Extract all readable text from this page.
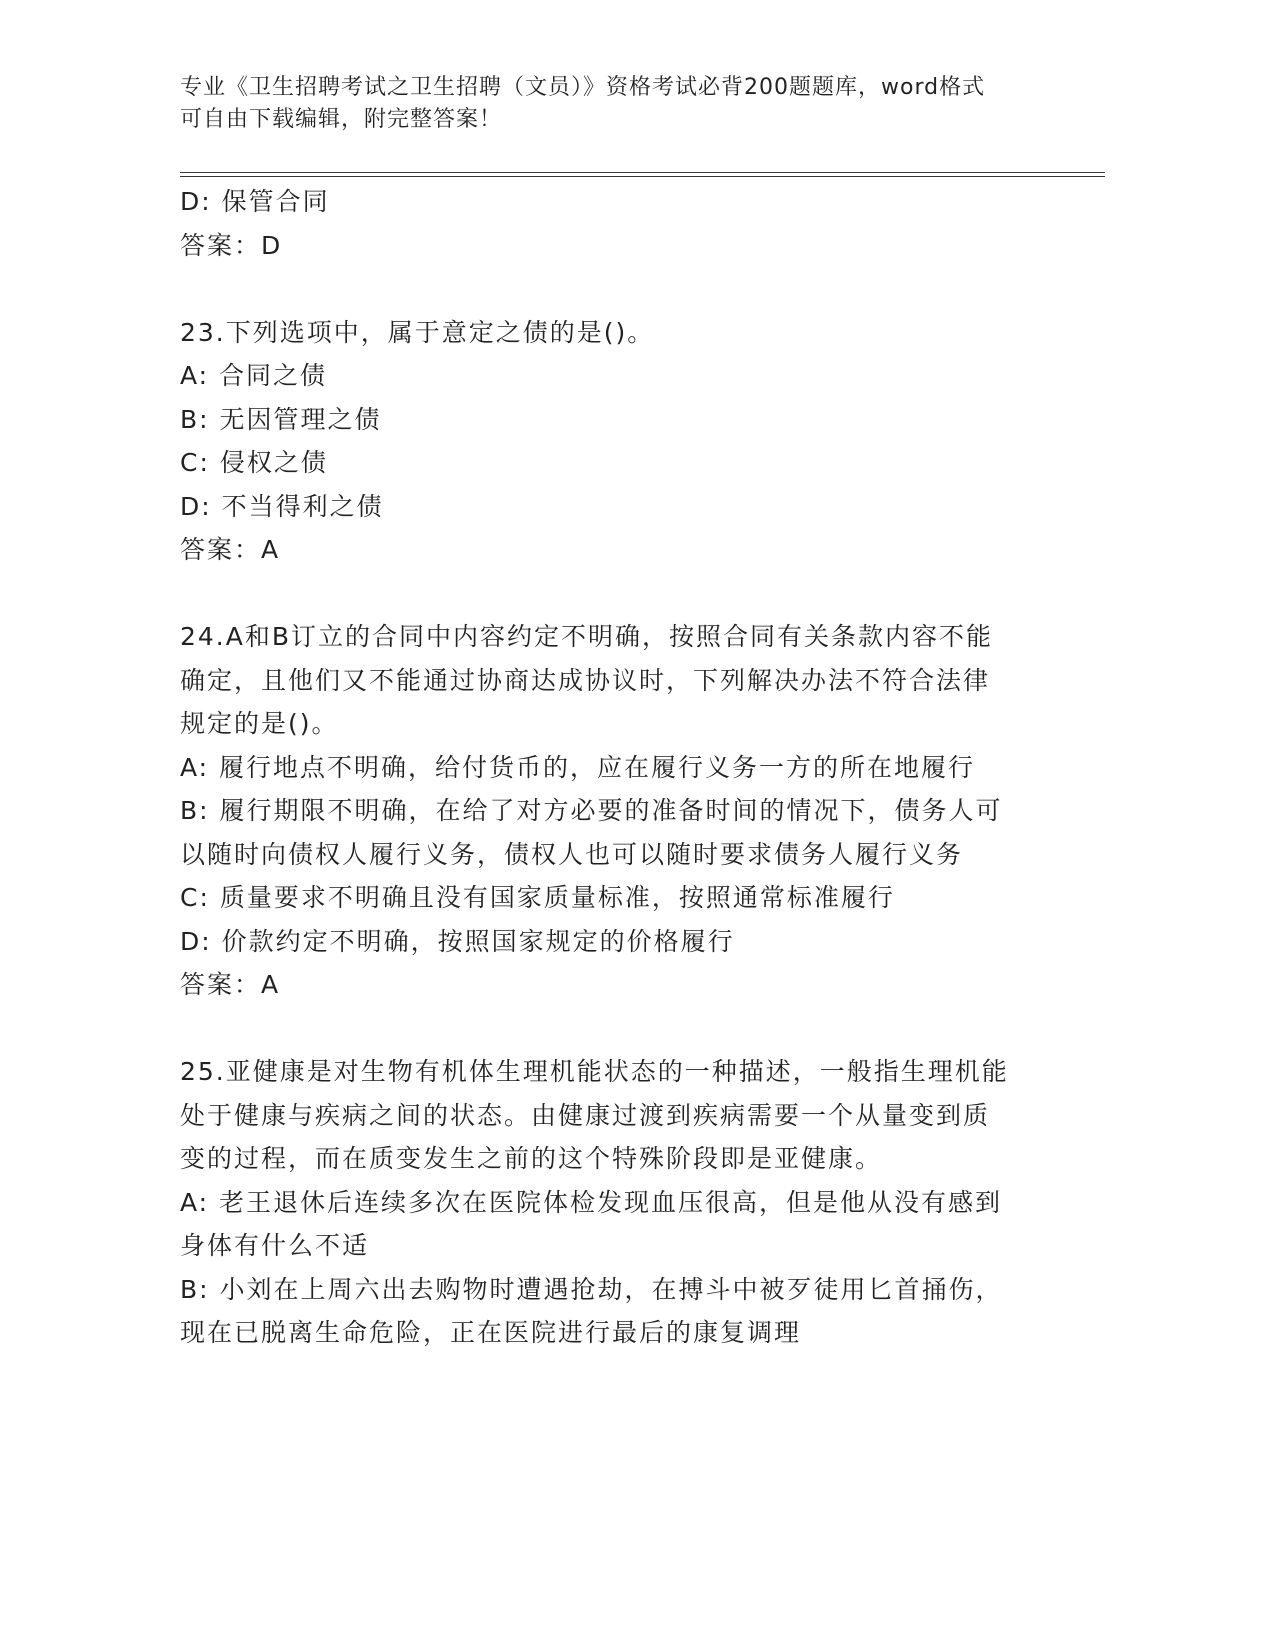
专业《卫生招聘考试之卫生招聘（文员）》资格考试必背200题题库，word格式
可自由下载编辑，附完整答案！
D: 保管合同
答案：D
23.下列选项中，属于意定之债的是()。
A: 合同之债
B: 无因管理之债
C: 侵权之债
D: 不当得利之债
答案：A
24.A和B订立的合同中内容约定不明确，按照合同有关条款内容不能
确定，且他们又不能通过协商达成协议时，下列解决办法不符合法律
规定的是()。
A: 履行地点不明确，给付货币的，应在履行义务一方的所在地履行
B: 履行期限不明确，在给了对方必要的准备时间的情况下，债务人可
以随时向债权人履行义务，债权人也可以随时要求债务人履行义务
C: 质量要求不明确且没有国家质量标准，按照通常标准履行
D: 价款约定不明确，按照国家规定的价格履行
答案：A
25.亚健康是对生物有机体生理机能状态的一种描述，一般指生理机能
处于健康与疾病之间的状态。由健康过渡到疾病需要一个从量变到质
变的过程，而在质变发生之前的这个特殊阶段即是亚健康。
A: 老王退休后连续多次在医院体检发现血压很高，但是他从没有感到
身体有什么不适
B: 小刘在上周六出去购物时遭遇抢劫，在搏斗中被歹徒用匕首捅伤，
现在已脱离生命危险，正在医院进行最后的康复调理
